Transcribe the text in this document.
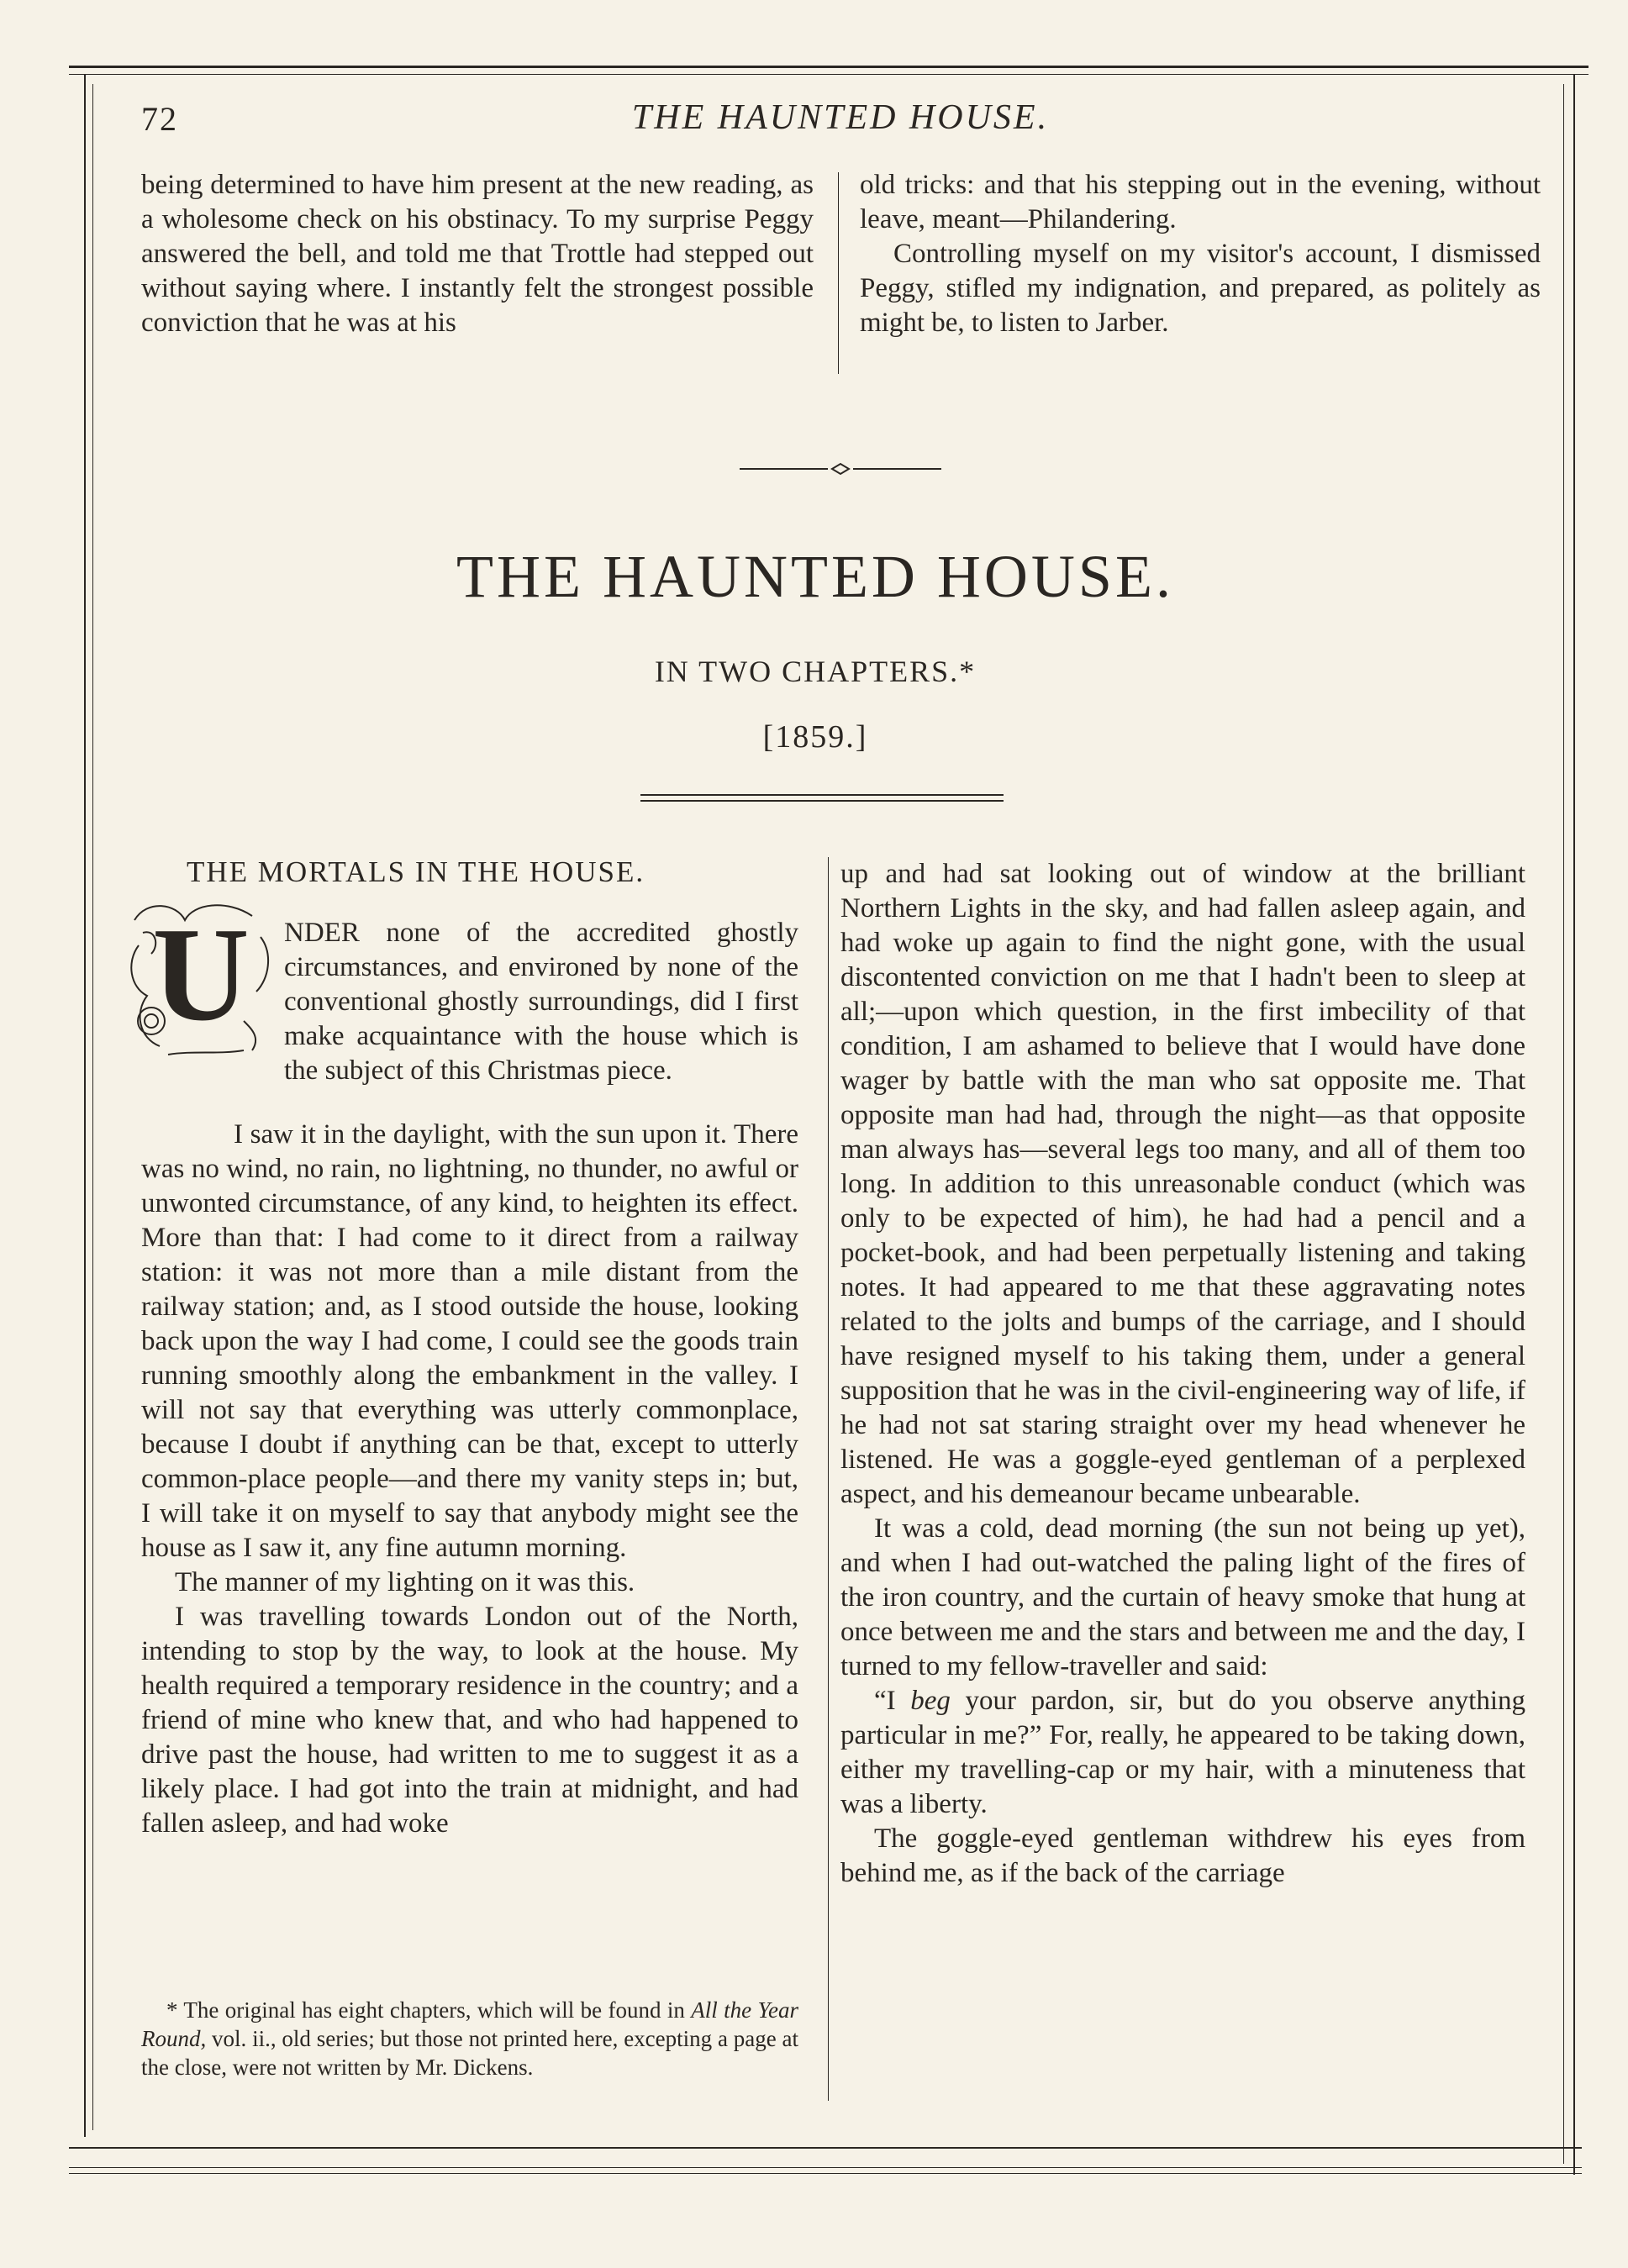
72	THE HAUNTED HOUSE.

being determined to have him present at the new reading, as a wholesome check on his obstinacy. To my surprise Peggy answered the bell, and told me that Trottle had stepped out without saying where. I instantly felt the strongest possible conviction that he was at his

old tricks: and that his stepping out in the evening, without leave, meant—Philandering.

Controlling myself on my visitor's account, I dismissed Peggy, stifled my indignation, and prepared, as politely as might be, to listen to Jarber.

THE HAUNTED HOUSE.
IN TWO CHAPTERS.*
[1859.]
THE MORTALS IN THE HOUSE.
U NDER none of the accredited ghostly circumstances, and environed by none of the conventional ghostly surroundings, did I first make acquaintance with the house which is the subject of this Christmas piece.

I saw it in the daylight, with the sun upon it. There was no wind, no rain, no lightning, no thunder, no awful or unwonted circumstance, of any kind, to heighten its effect. More than that: I had come to it direct from a railway station: it was not more than a mile distant from the railway station; and, as I stood outside the house, looking back upon the way I had come, I could see the goods train running smoothly along the embankment in the valley. I will not say that everything was utterly commonplace, because I doubt if anything can be that, except to utterly common-place people—and there my vanity steps in; but, I will take it on myself to say that anybody might see the house as I saw it, any fine autumn morning.

The manner of my lighting on it was this.

I was travelling towards London out of the North, intending to stop by the way, to look at the house. My health required a temporary residence in the country; and a friend of mine who knew that, and who had happened to drive past the house, had written to me to suggest it as a likely place. I had got into the train at midnight, and had fallen asleep, and had woke

* The original has eight chapters, which will be found in All the Year Round, vol. ii., old series; but those not printed here, excepting a page at the close, were not written by Mr. Dickens.

up and had sat looking out of window at the brilliant Northern Lights in the sky, and had fallen asleep again, and had woke up again to find the night gone, with the usual discontented conviction on me that I hadn't been to sleep at all;—upon which question, in the first imbecility of that condition, I am ashamed to believe that I would have done wager by battle with the man who sat opposite me. That opposite man had had, through the night—as that opposite man always has—several legs too many, and all of them too long. In addition to this unreasonable conduct (which was only to be expected of him), he had had a pencil and a pocket-book, and had been perpetually listening and taking notes. It had appeared to me that these aggravating notes related to the jolts and bumps of the carriage, and I should have resigned myself to his taking them, under a general supposition that he was in the civil-engineering way of life, if he had not sat staring straight over my head whenever he listened. He was a goggle-eyed gentleman of a perplexed aspect, and his demeanour became unbearable.

It was a cold, dead morning (the sun not being up yet), and when I had out-watched the paling light of the fires of the iron country, and the curtain of heavy smoke that hung at once between me and the stars and between me and the day, I turned to my fellow-traveller and said:

“I beg your pardon, sir, but do you observe anything particular in me?” For, really, he appeared to be taking down, either my travelling-cap or my hair, with a minuteness that was a liberty.

The goggle-eyed gentleman withdrew his eyes from behind me, as if the back of the carriage
